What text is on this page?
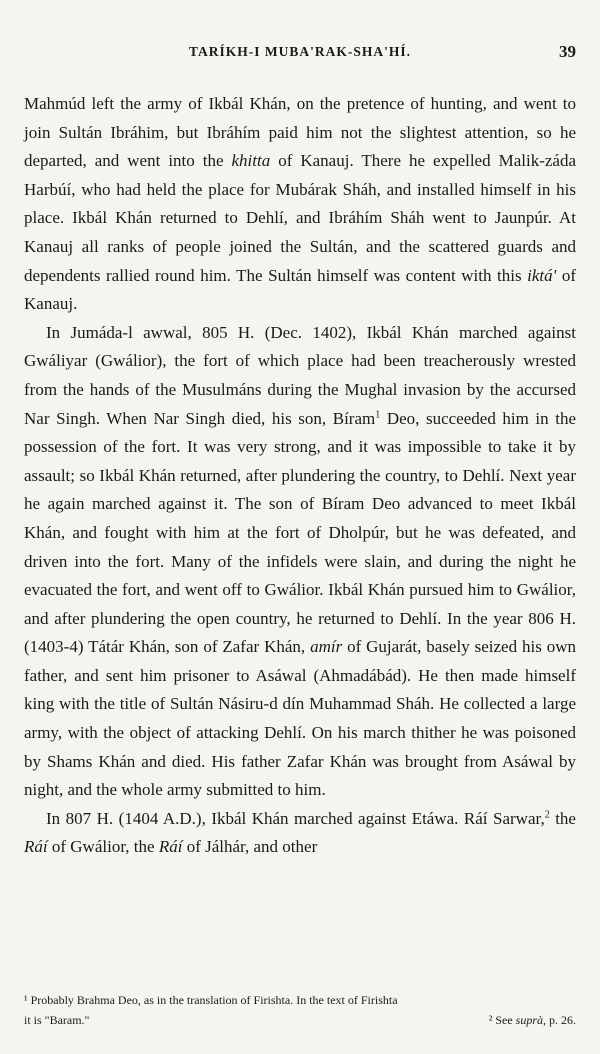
TARÍKH-I MUBA'RAK-SHA'HÍ.	39

Mahmúd left the army of Ikbál Khán, on the pretence of hunting, and went to join Sultán Ibráhim, but Ibráhím paid him not the slightest attention, so he departed, and went into the khitta of Kanauj. There he expelled Malik-záda Harbúí, who had held the place for Mubárak Sháh, and installed himself in his place. Ikbál Khán returned to Dehlí, and Ibráhím Sháh went to Jaunpúr. At Kanauj all ranks of people joined the Sultán, and the scattered guards and dependents rallied round him. The Sultán himself was content with this iktá' of Kanauj.

In Jumáda-l awwal, 805 H. (Dec. 1402), Ikbál Khán marched against Gwáliyar (Gwálior), the fort of which place had been treacherously wrested from the hands of the Musulmáns during the Mughal invasion by the accursed Nar Singh. When Nar Singh died, his son, Bíram$^1$ Deo, succeeded him in the possession of the fort. It was very strong, and it was impossible to take it by assault; so Ikbál Khán returned, after plundering the country, to Dehlí. Next year he again marched against it. The son of Bíram Deo advanced to meet Ikbál Khán, and fought with him at the fort of Dholpúr, but he was defeated, and driven into the fort. Many of the infidels were slain, and during the night he evacuated the fort, and went off to Gwálior. Ikbál Khán pursued him to Gwálior, and after plundering the open country, he returned to Dehlí. In the year 806 H. (1403-4) Tátár Khán, son of Zafar Khán, amír of Gujarát, basely seized his own father, and sent him prisoner to Asáwal (Ahmadábád). He then made himself king with the title of Sultán Násiru-d dín Muhammad Sháh. He collected a large army, with the object of attacking Dehlí. On his march thither he was poisoned by Shams Khán and died. His father Zafar Khán was brought from Asáwal by night, and the whole army submitted to him.

In 807 H. (1404 A.D.), Ikbál Khán marched against Etáwa. Ráí Sarwar,$^2$ the Ráí of Gwálior, the Ráí of Jálhár, and other

¹ Probably Brahma Deo, as in the translation of Firishta. In the text of Firishta

it is "Baram."	² See suprà, p. 26.
